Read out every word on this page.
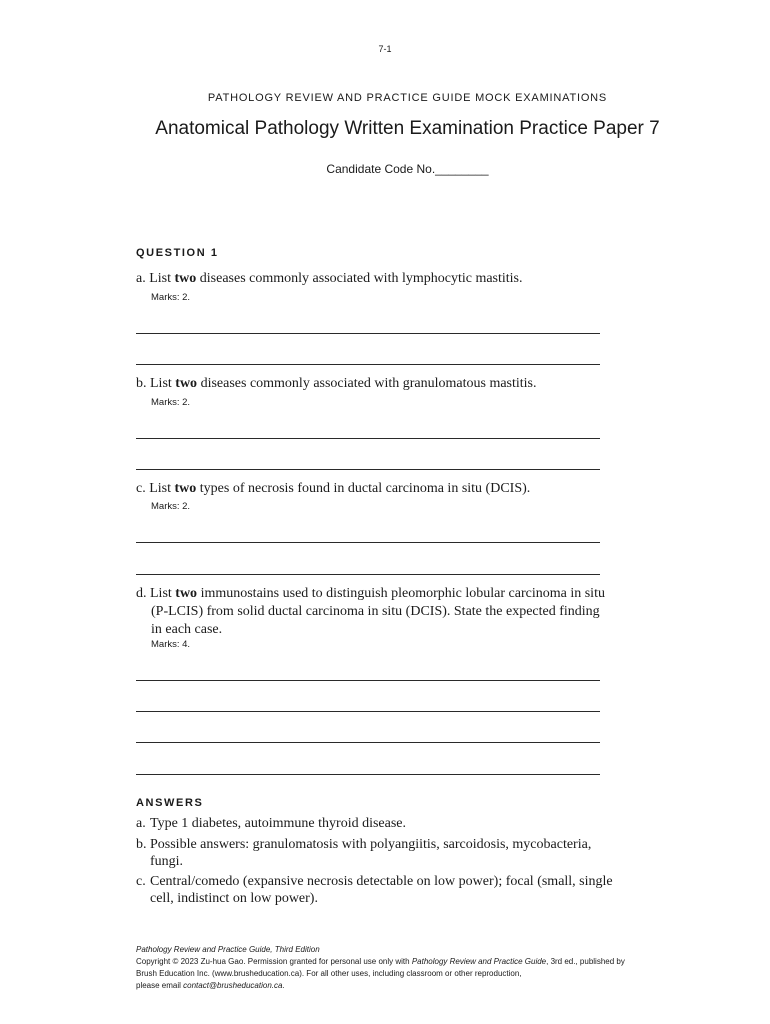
7-1
PATHOLOGY REVIEW AND PRACTICE GUIDE MOCK EXAMINATIONS
Anatomical Pathology Written Examination Practice Paper 7
Candidate Code No.________
QUESTION 1
a. List two diseases commonly associated with lymphocytic mastitis.
Marks: 2.
b. List two diseases commonly associated with granulomatous mastitis.
Marks: 2.
c. List two types of necrosis found in ductal carcinoma in situ (DCIS).
Marks: 2.
d. List two immunostains used to distinguish pleomorphic lobular carcinoma in situ
(P-LCIS) from solid ductal carcinoma in situ (DCIS). State the expected finding
in each case.
Marks: 4.
ANSWERS
a. Type 1 diabetes, autoimmune thyroid disease.
b. Possible answers: granulomatosis with polyangiitis, sarcoidosis, mycobacteria,
fungi.
c. Central/comedo (expansive necrosis detectable on low power); focal (small, single
cell, indistinct on low power).
Pathology Review and Practice Guide, Third Edition
Copyright © 2023 Zu-hua Gao. Permission granted for personal use only with Pathology Review and Practice Guide, 3rd ed., published by
Brush Education Inc. (www.brusheducation.ca). For all other uses, including classroom or other reproduction,
please email contact@brusheducation.ca.
